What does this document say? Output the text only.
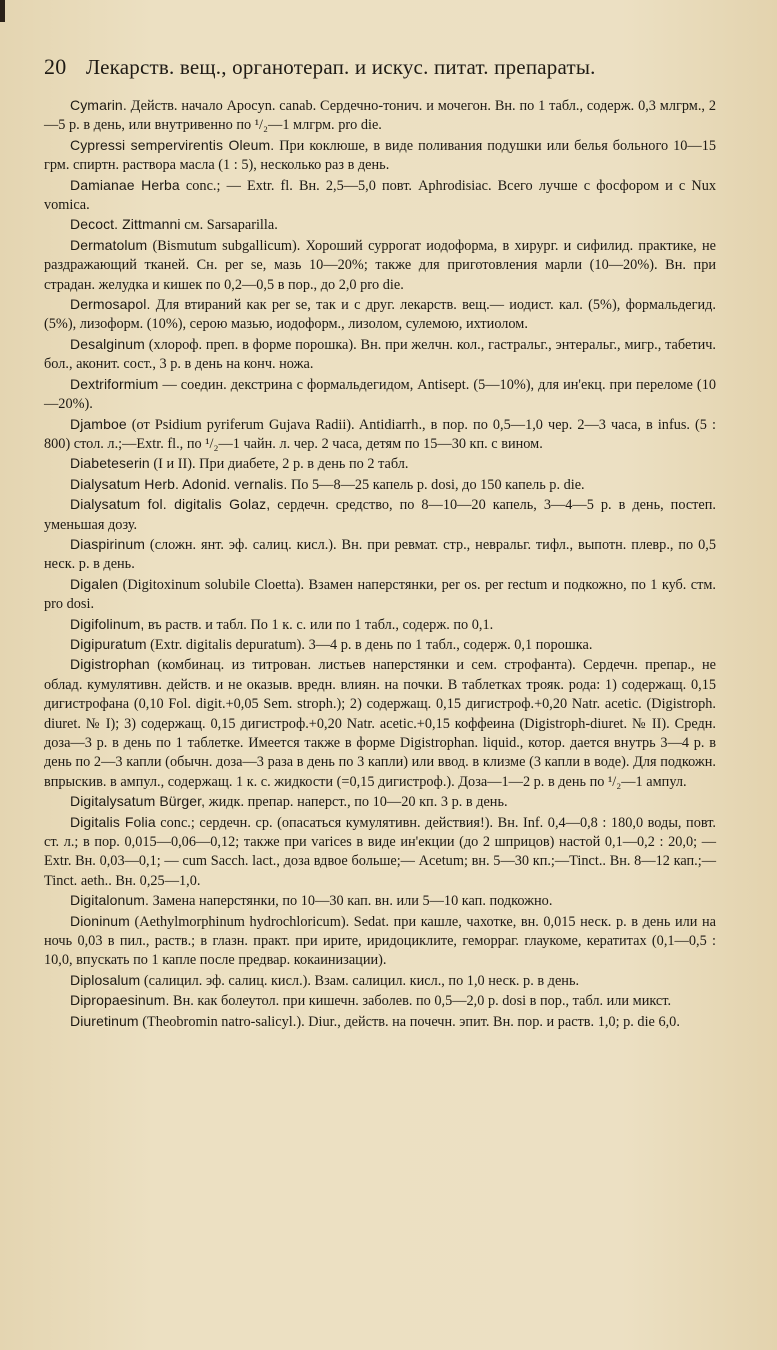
20 Лекарств. вещ., органотерап. и искус. питат. препараты.

Cymarin. Действ. начало Apocyn. canab. Сердечно-тонич. и мочегон. Вн. по 1 табл., содерж. 0,3 млгрм., 2—5 р. в день, или внутривенно по ¹/₂—1 млгрм. pro die.

Cypressi sempervirentis Oleum. При коклюше, в виде поливания подушки или белья больного 10—15 грм. спиртн. раствора масла (1 : 5), несколько раз в день.

Damianae Herba conc.; — Extr. fl. Вн. 2,5—5,0 повт. Aphrodisiac. Всего лучше с фосфором и с Nux vomica.

Decoct. Zittmanni см. Sarsaparilla.

Dermatolum (Bismutum subgallicum). Хороший суррогат иодоформа, в хирург. и сифилид. практике, не раздражающий тканей. Сн. per se, мазь 10—20%; также для приготовления марли (10—20%). Вн. при страдан. желудка и кишек по 0,2—0,5 в пор., до 2,0 pro die.

Dermosapol. Для втираний как per se, так и с друг. лекарств. вещ.— иодист. кал. (5%), формальдегид. (5%), лизоформ. (10%), серою мазью, иодоформ., лизолом, сулемою, ихтиолом.

Desalginum (хлороф. преп. в форме порошка). Вн. при желчн. кол., гастральг., энтеральг., мигр., табетич. бол., аконит. сост., 3 р. в день на конч. ножа.

Dextriformium — соедин. декстрина с формальдегидом, Antisept. (5—10%), для ин'екц. при переломе (10—20%).

Djamboe (от Psidium pyriferum Gujava Radii). Antidiarrh., в пор. по 0,5—1,0 чер. 2—3 часа, в infus. (5 : 800) стол. л.;—Extr. fl., по ¹/₂—1 чайн. л. чер. 2 часа, детям по 15—30 кп. с вином.

Diabeteserin (I и II). При диабете, 2 р. в день по 2 табл.

Dialysatum Herb. Adonid. vernalis. По 5—8—25 капель р. dosi, до 150 капель р. die.

Dialysatum fol. digitalis Golaz, сердечн. средство, по 8—10—20 капель, 3—4—5 р. в день, постеп. уменьшая дозу.

Diaspirinum (сложн. янт. эф. салиц. кисл.). Вн. при ревмат. стр., невральг. тифл., выпотн. плевр., по 0,5 неск. р. в день.

Digalen (Digitoxinum solubile Cloetta). Взамен наперстянки, per os. per rectum и подкожно, по 1 куб. стм. pro dosi.

Digifolinum, въ раств. и табл. По 1 к. с. или по 1 табл., содерж. по 0,1.

Digipuratum (Extr. digitalis depuratum). 3—4 р. в день по 1 табл., содерж. 0,1 порошка.

Digistrophan (комбинац. из титрован. листьев наперстянки и сем. строфанта). Сердечн. препар., не облад. кумулятивн. действ. и не оказыв. вредн. влиян. на почки. В таблетках трояк. рода: 1) содержащ. 0,15 дигистрофана (0,10 Fol. digit.+0,05 Sem. stroph.); 2) содержащ. 0,15 дигистроф.+0,20 Natr. acetic. (Digistroph. diuret. № I); 3) содержащ. 0,15 дигистроф.+0,20 Natr. acetic.+0,15 коффеина (Digistroph-diuret. № II). Средн. доза—3 р. в день по 1 таблетке. Имеется также в форме Digistrophan. liquid., котор. дается внутрь 3—4 р. в день по 2—3 капли (обычн. доза—3 раза в день по 3 капли) или ввод. в клизме (3 капли в воде). Для подкожн. впрыскив. в ампул., содержащ. 1 к. с. жидкости (=0,15 дигистроф.). Доза—1—2 р. в день по ¹/₂—1 ампул.

Digitalysatum Bürger, жидк. препар. наперст., по 10—20 кп. 3 р. в день.

Digitalis Folia conc.; сердечн. ср. (опасаться кумулятивн. действия!). Вн. Inf. 0,4—0,8 : 180,0 воды, повт. ст. л.; в пор. 0,015—0,06—0,12; также при varices в виде ин'екции (до 2 шприцов) настой 0,1—0,2 : 20,0; — Extr. Вн. 0,03—0,1; — cum Sacch. lact., доза вдвое больше;— Acetum; вн. 5—30 кп.;—Tinct.. Вн. 8—12 кап.;—Tinct. aeth.. Вн. 0,25—1,0.

Digitalonum. Замена наперстянки, по 10—30 кап. вн. или 5—10 кап. подкожно.

Dioninum (Aethylmorphinum hydrochloricum). Sedat. при кашле, чахотке, вн. 0,015 неск. р. в день или на ночь 0,03 в пил., раств.; в глазн. практ. при ирите, иридоциклите, геморраг. глаукоме, кератитах (0,1—0,5 : 10,0, впускать по 1 капле после предвар. кокаинизации).

Diplosalum (салицил. эф. салиц. кисл.). Взам. салицил. кисл., по 1,0 неск. р. в день.

Dipropaesinum. Вн. как болеутол. при кишечн. заболев. по 0,5—2,0 р. dosi в пор., табл. или микст.

Diuretinum (Theobromin natro-salicyl.). Diur., действ. на почечн. эпит. Вн. пор. и раств. 1,0; р. die 6,0.
